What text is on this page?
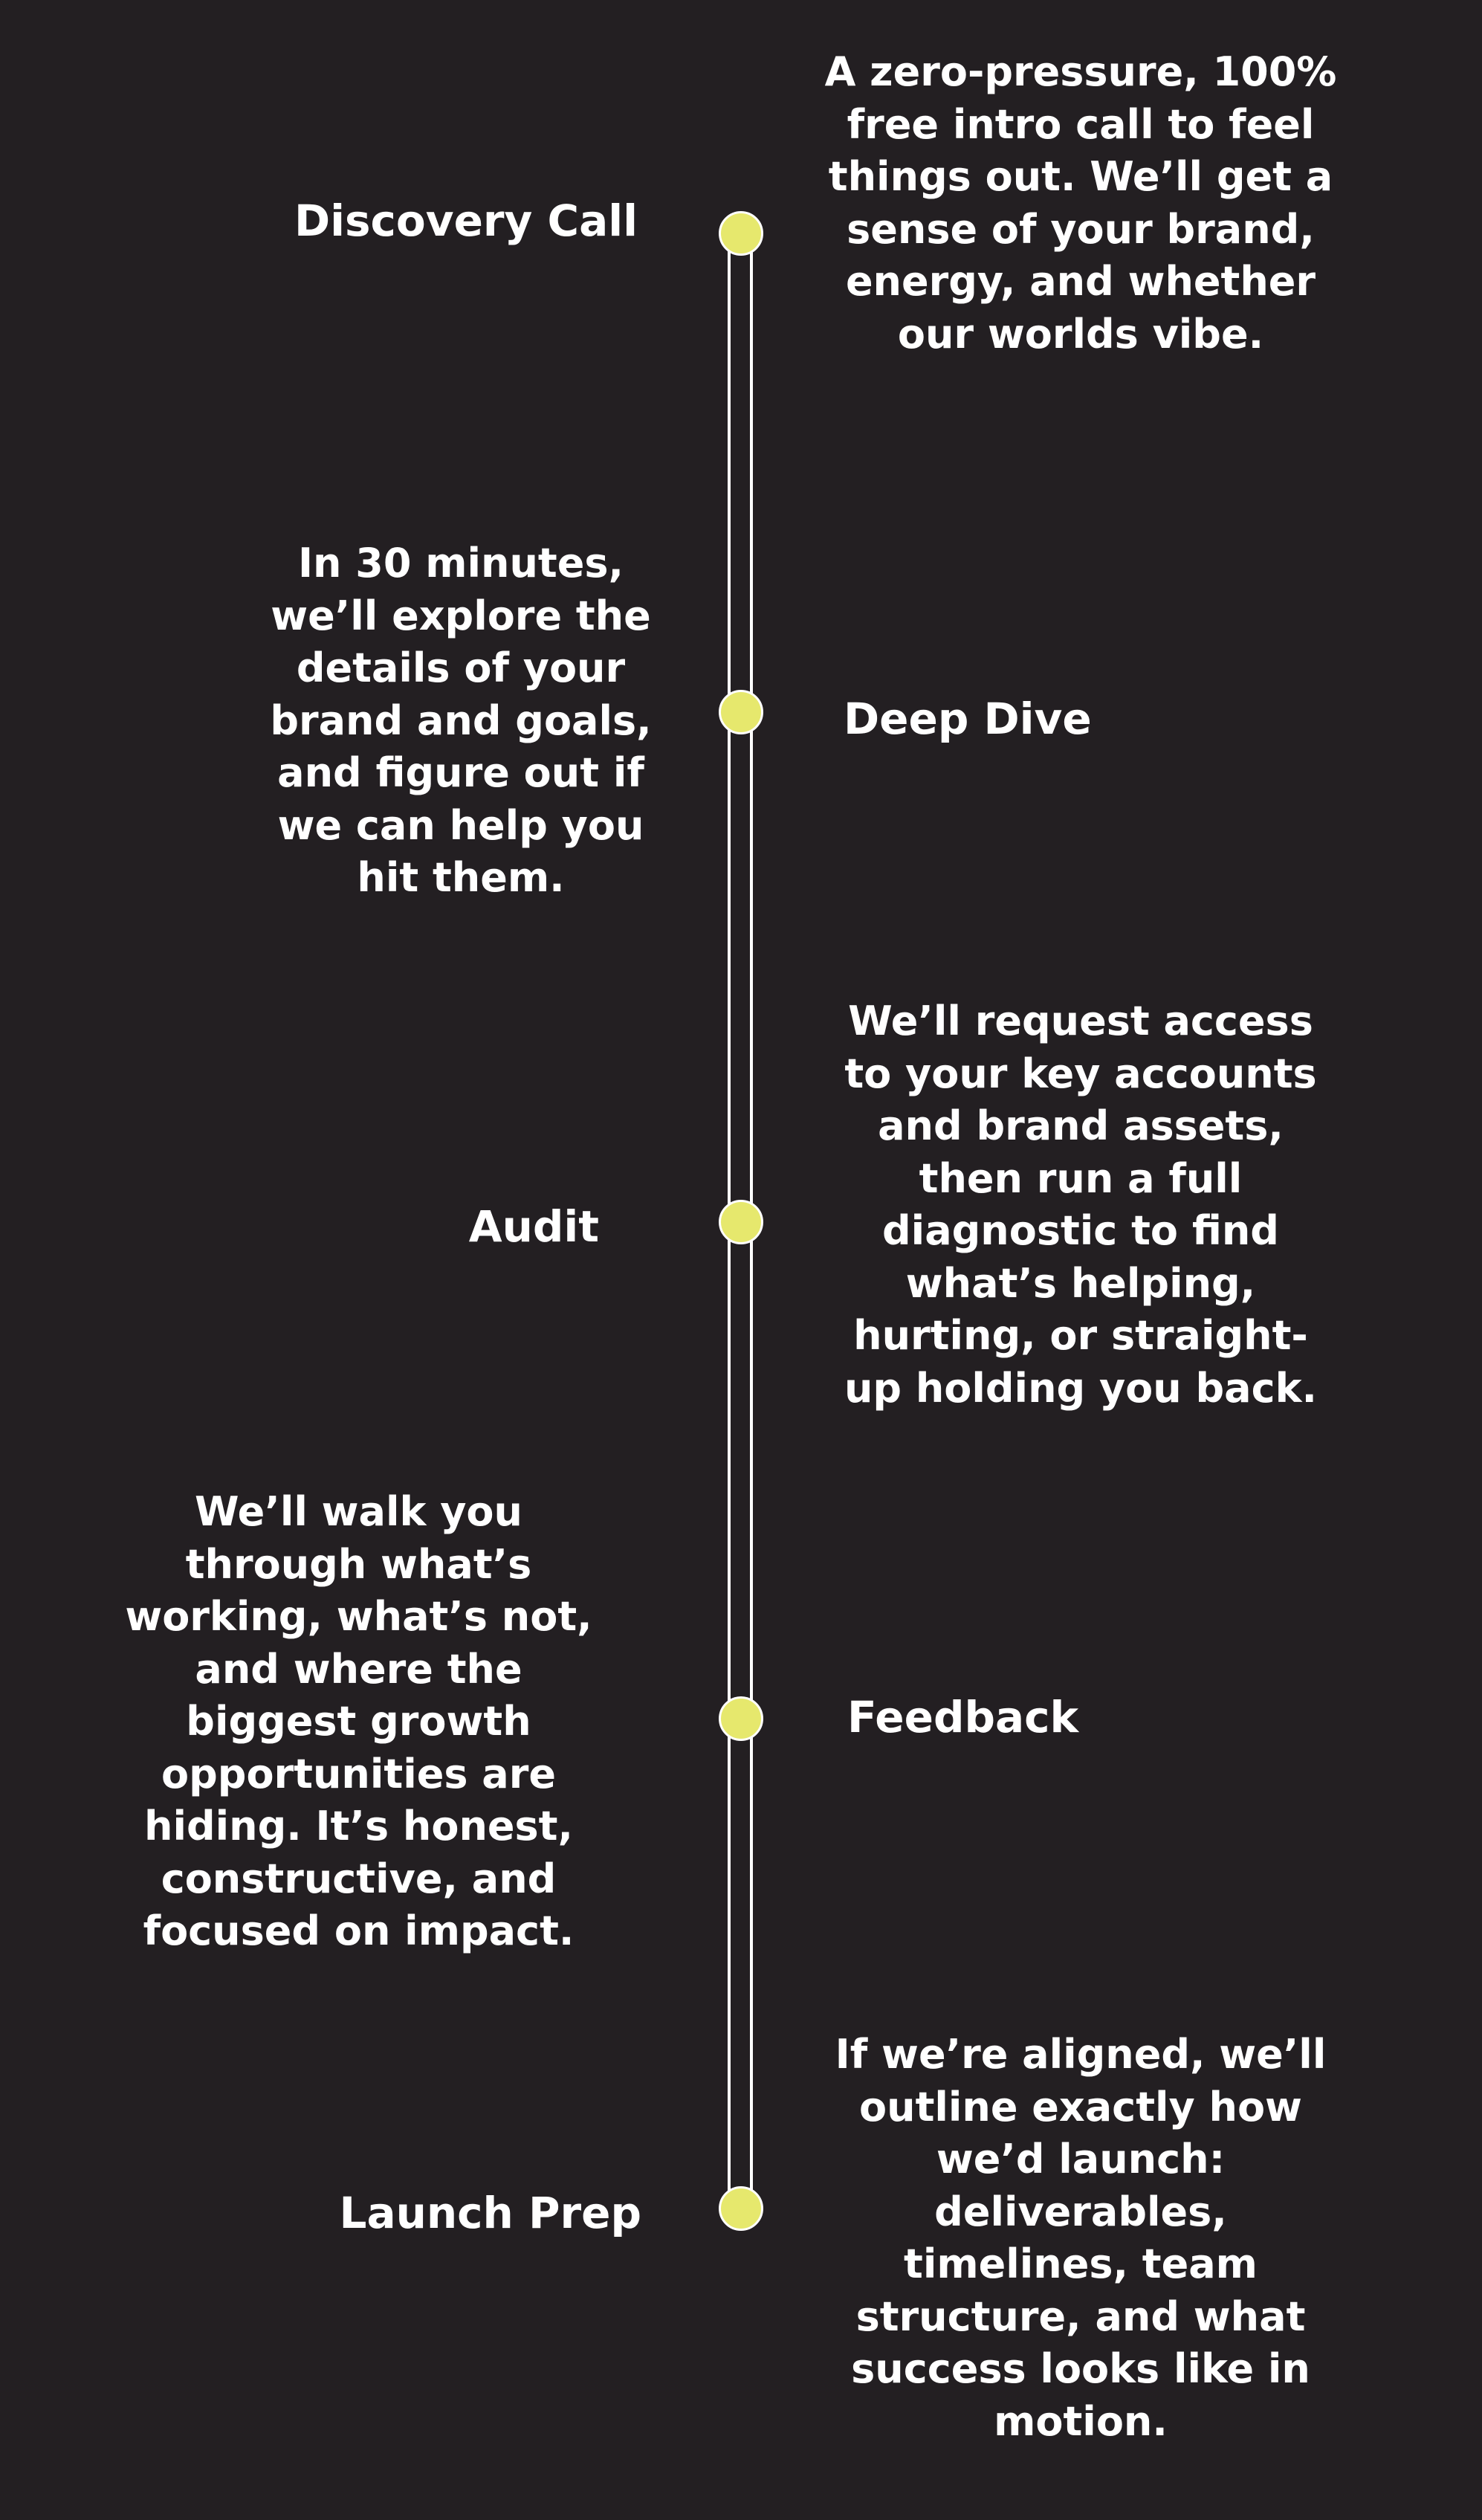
Discovery Call

A zero-pressure, 100% free intro call to feel things out. We’ll get a sense of your brand, energy, and whether our worlds vibe.

Deep Dive

In 30 minutes, we’ll explore the details of your brand and goals, and figure out if we can help you hit them.

Audit

We’ll request access to your key accounts and brand assets, then run a full diagnostic to find what’s helping, hurting, or straight-up holding you back.

Feedback

We’ll walk you through what’s working, what’s not, and where the biggest growth opportunities are hiding. It’s honest, constructive, and focused on impact.

Launch Prep

If we’re aligned, we’ll outline exactly how we’d launch: deliverables, timelines, team structure, and what success looks like in motion.
